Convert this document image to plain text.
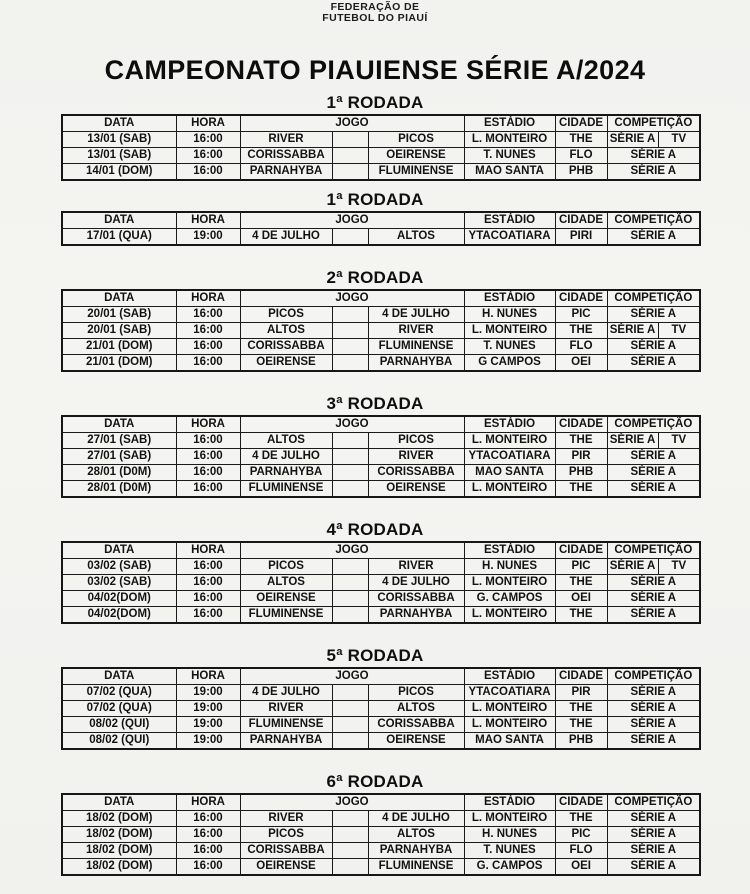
FEDERAÇÃO DE
FUTEBOL DO PIAUÍ
CAMPEONATO PIAUIENSE SÉRIE A/2024
1ª RODADA
DATA	HORA	JOGO			ESTÁDIO	CIDADE	COMPETIÇÃO	
13/01 (SAB)	16:00	RIVER		PICOS	L. MONTEIRO	THE	SÉRIE A	TV
13/01 (SAB)	16:00	CORISSABBA		OEIRENSE	T. NUNES	FLO	SÉRIE A	
14/01 (DOM)	16:00	PARNAHYBA		FLUMINENSE	MAO SANTA	PHB	SÉRIE A	
1ª RODADA
DATA	HORA	JOGO			ESTÁDIO	CIDADE	COMPETIÇÃO
17/01 (QUA)	19:00	4 DE JULHO		ALTOS	YTACOATIARA	PIRI	SÉRIE A
2ª RODADA
DATA	HORA	JOGO			ESTÁDIO	CIDADE	COMPETIÇÃO	
20/01 (SAB)	16:00	PICOS		4 DE JULHO	H. NUNES	PIC	SÉRIE A	
20/01 (SAB)	16:00	ALTOS		RIVER	L. MONTEIRO	THE	SÉRIE A	TV
21/01 (DOM)	16:00	CORISSABBA		FLUMINENSE	T. NUNES	FLO	SÉRIE A	
21/01 (DOM)	16:00	OEIRENSE		PARNAHYBA	G CAMPOS	OEI	SÉRIE A	
3ª RODADA
DATA	HORA	JOGO			ESTÁDIO	CIDADE	COMPETIÇÃO	
27/01 (SAB)	16:00	ALTOS		PICOS	L. MONTEIRO	THE	SÉRIE A	TV
27/01 (SAB)	16:00	4 DE JULHO		RIVER	YTACOATIARA	PIR	SÉRIE A	
28/01 (D0M)	16:00	PARNAHYBA		CORISSABBA	MAO SANTA	PHB	SÉRIE A	
28/01 (D0M)	16:00	FLUMINENSE		OEIRENSE	L. MONTEIRO	THE	SÉRIE A	
4ª RODADA
DATA	HORA	JOGO			ESTÁDIO	CIDADE	COMPETIÇÃO	
03/02 (SAB)	16:00	PICOS		RIVER	H. NUNES	PIC	SÉRIE A	TV
03/02 (SAB)	16:00	ALTOS		4 DE JULHO	L. MONTEIRO	THE	SÉRIE A	
04/02(DOM)	16:00	OEIRENSE		CORISSABBA	G. CAMPOS	OEI	SÉRIE A	
04/02(DOM)	16:00	FLUMINENSE		PARNAHYBA	L. MONTEIRO	THE	SÉRIE A	
5ª RODADA
DATA	HORA	JOGO			ESTÁDIO	CIDADE	COMPETIÇÃO
07/02 (QUA)	19:00	4 DE JULHO		PICOS	YTACOATIARA	PIR	SÉRIE A
07/02 (QUA)	19:00	RIVER		ALTOS	L. MONTEIRO	THE	SÉRIE A
08/02 (QUI)	19:00	FLUMINENSE		CORISSABBA	L. MONTEIRO	THE	SÉRIE A
08/02 (QUI)	19:00	PARNAHYBA		OEIRENSE	MAO SANTA	PHB	SÉRIE A
6ª RODADA
DATA	HORA	JOGO			ESTÁDIO	CIDADE	COMPETIÇÃO
18/02 (DOM)	16:00	RIVER		4 DE JULHO	L. MONTEIRO	THE	SÉRIE A
18/02 (DOM)	16:00	PICOS		ALTOS	H. NUNES	PIC	SÉRIE A
18/02 (DOM)	16:00	CORISSABBA		PARNAHYBA	T. NUNES	FLO	SÉRIE A
18/02 (DOM)	16:00	OEIRENSE		FLUMINENSE	G. CAMPOS	OEI	SÉRIE A
